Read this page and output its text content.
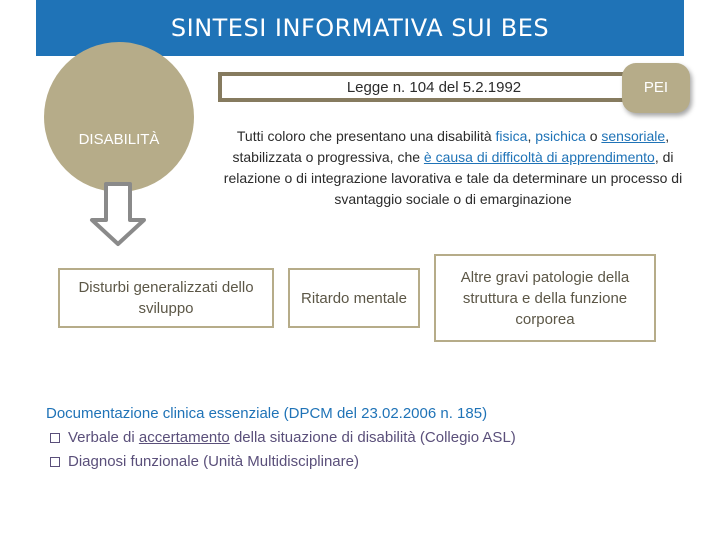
SINTESI INFORMATIVA SUI BES
Legge n. 104 del 5.2.1992
DISABILITÀ
PEI
Tutti coloro che presentano una disabilità fisica, psichica o sensoriale, stabilizzata o progressiva, che è causa di difficoltà di apprendimento, di relazione o di integrazione lavorativa e tale da determinare un processo di svantaggio sociale o di emarginazione
Disturbi generalizzati dello sviluppo
Ritardo mentale
Altre gravi patologie della struttura e della funzione corporea
Documentazione clinica essenziale (DPCM del 23.02.2006 n. 185)
Verbale di accertamento della situazione di disabilità (Collegio ASL)
Diagnosi funzionale (Unità Multidisciplinare)
